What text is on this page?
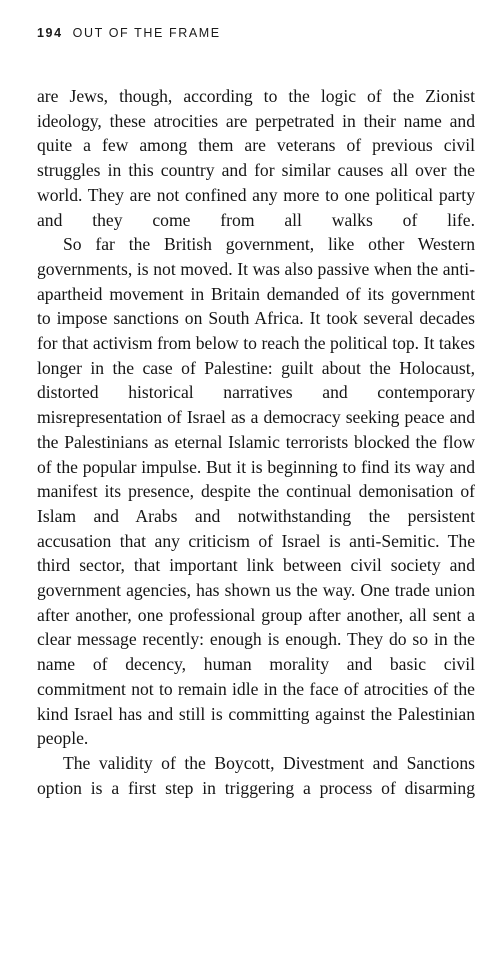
194 OUT OF THE FRAME

are Jews, though, according to the logic of the Zionist ideology, these atrocities are perpetrated in their name and quite a few among them are veterans of previous civil struggles in this country and for similar causes all over the world. They are not confined any more to one political party and they come from all walks of life.

So far the British government, like other Western governments, is not moved. It was also passive when the anti-apartheid movement in Britain demanded of its government to impose sanctions on South Africa. It took several decades for that activism from below to reach the political top. It takes longer in the case of Palestine: guilt about the Holocaust, distorted historical narratives and contemporary misrepresentation of Israel as a democracy seeking peace and the Palestinians as eternal Islamic terrorists blocked the flow of the popular impulse. But it is beginning to find its way and manifest its presence, despite the continual demonisation of Islam and Arabs and notwithstanding the persistent accusation that any criticism of Israel is anti-Semitic. The third sector, that important link between civil society and government agencies, has shown us the way. One trade union after another, one professional group after another, all sent a clear message recently: enough is enough. They do so in the name of decency, human morality and basic civil commitment not to remain idle in the face of atrocities of the kind Israel has and still is committing against the Palestinian people.

The validity of the Boycott, Divestment and Sanctions option is a first step in triggering a process of disarming
